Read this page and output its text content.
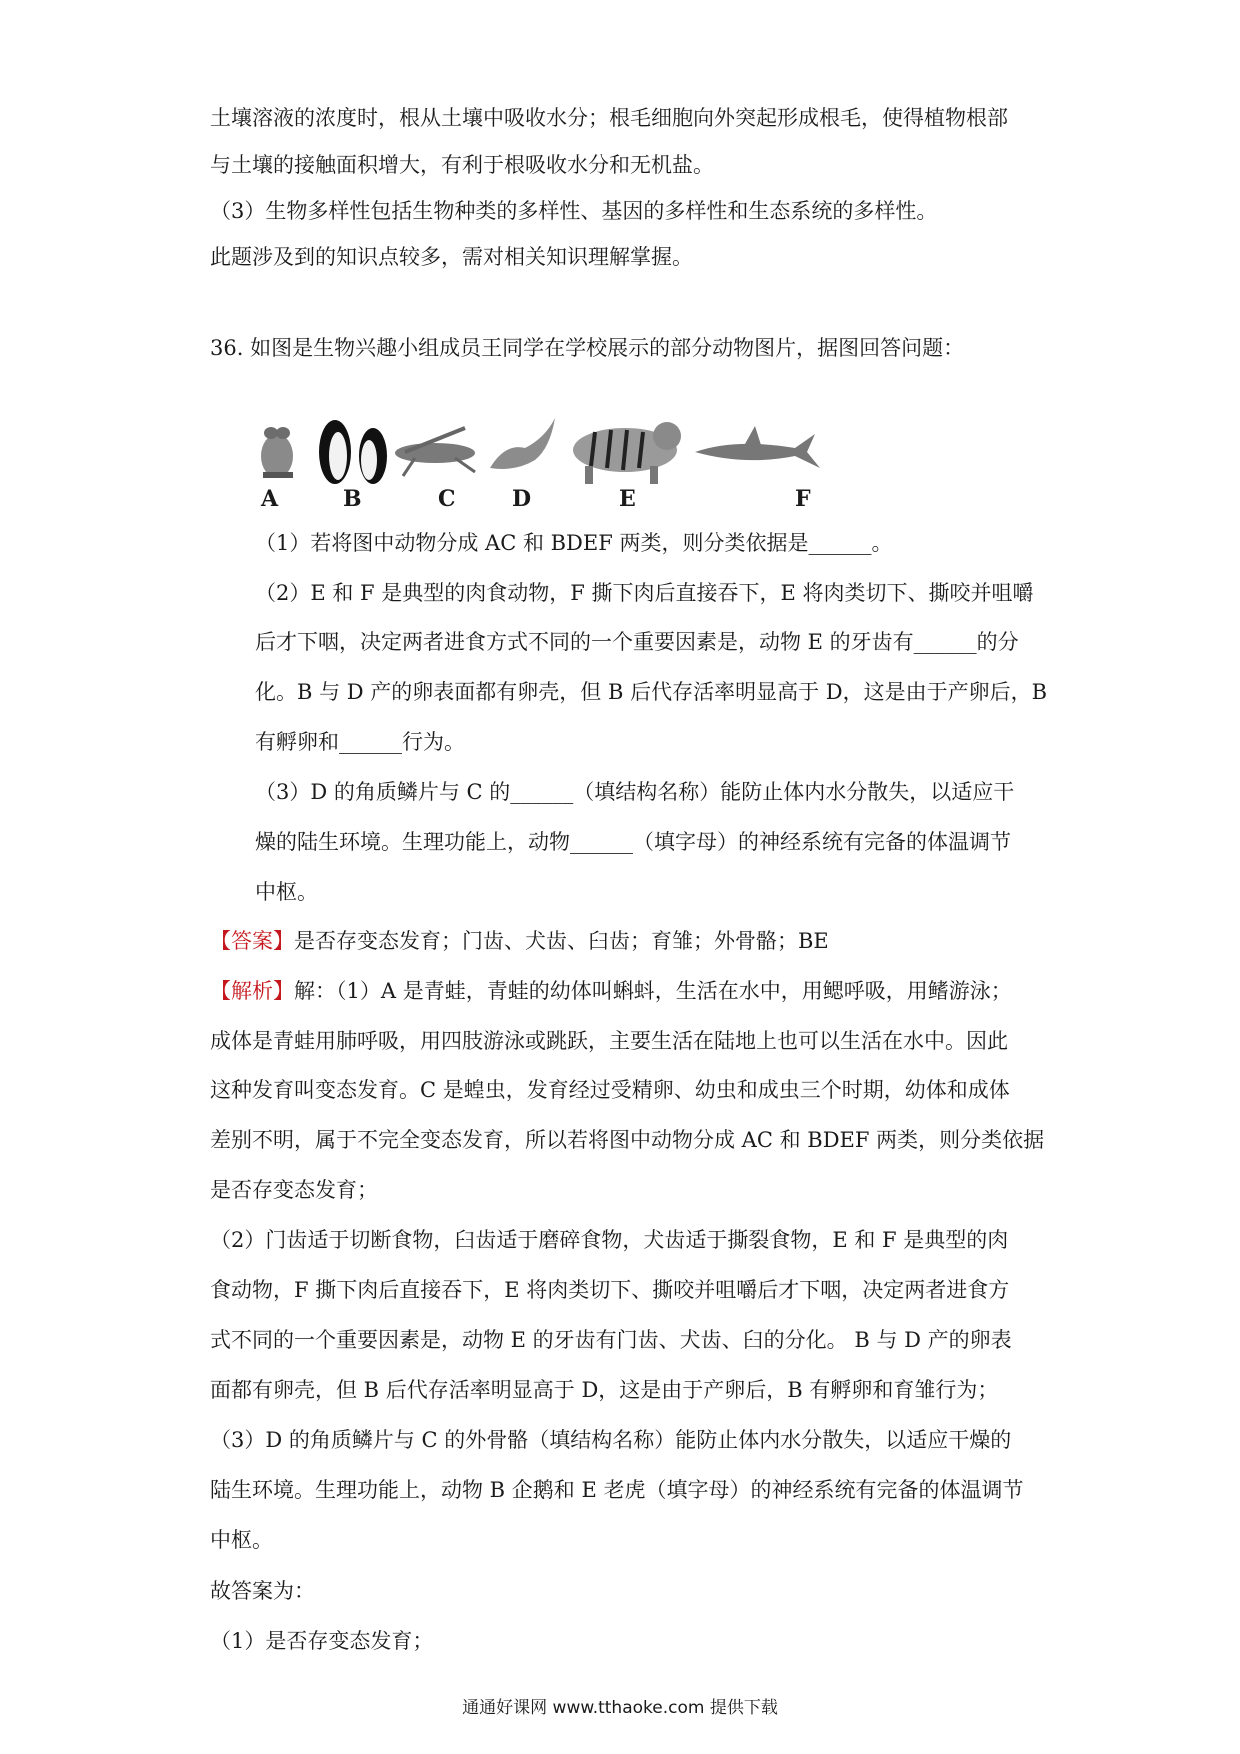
土壤溶液的浓度时，根从土壤中吸收水分；根毛细胞向外突起形成根毛，使得植物根部
与土壤的接触面积增大，有利于根吸收水分和无机盐。
（3）生物多样性包括生物种类的多样性、基因的多样性和生态系统的多样性。
此题涉及到的知识点较多，需对相关知识理解掌握。
36. 如图是生物兴趣小组成员王同学在学校展示的部分动物图片，据图回答问题：
A	B	C	D	E	F
（1）若将图中动物分成 AC 和 BDEF 两类，则分类依据是______。
（2）E 和 F 是典型的肉食动物，F 撕下肉后直接吞下，E 将肉类切下、撕咬并咀嚼
后才下咽，决定两者进食方式不同的一个重要因素是，动物 E 的牙齿有______的分
化。B 与 D 产的卵表面都有卵壳，但 B 后代存活率明显高于 D，这是由于产卵后，B
有孵卵和______行为。
（3）D 的角质鳞片与 C 的______（填结构名称）能防止体内水分散失，以适应干
燥的陆生环境。生理功能上，动物______（填字母）的神经系统有完备的体温调节
中枢。
【答案】是否存变态发育；门齿、犬齿、臼齿；育雏；外骨骼；BE
【解析】解：（1）A 是青蛙，青蛙的幼体叫蝌蚪，生活在水中，用鳃呼吸，用鳍游泳；
成体是青蛙用肺呼吸，用四肢游泳或跳跃，主要生活在陆地上也可以生活在水中。因此
这种发育叫变态发育。C 是蝗虫，发育经过受精卵、幼虫和成虫三个时期，幼体和成体
差别不明，属于不完全变态发育，所以若将图中动物分成 AC 和 BDEF 两类，则分类依据
是否存变态发育；
（2）门齿适于切断食物，臼齿适于磨碎食物，犬齿适于撕裂食物，E 和 F 是典型的肉
食动物，F 撕下肉后直接吞下，E 将肉类切下、撕咬并咀嚼后才下咽，决定两者进食方
式不同的一个重要因素是，动物 E 的牙齿有门齿、犬齿、臼的分化。 B 与 D 产的卵表
面都有卵壳，但 B 后代存活率明显高于 D，这是由于产卵后，B 有孵卵和育雏行为；
（3）D 的角质鳞片与 C 的外骨骼（填结构名称）能防止体内水分散失，以适应干燥的
陆生环境。生理功能上，动物 B 企鹅和 E 老虎（填字母）的神经系统有完备的体温调节
中枢。
故答案为：
（1）是否存变态发育；
通通好课网 www.tthaoke.com 提供下载
